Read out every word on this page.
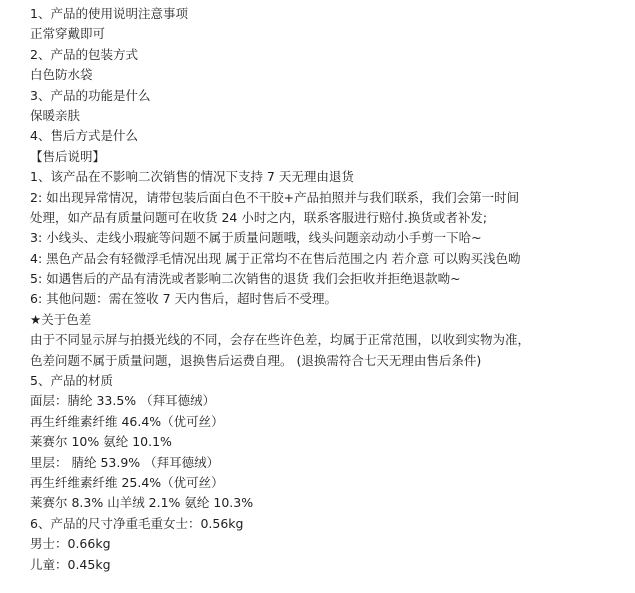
1、产品的使用说明注意事项
正常穿戴即可
2、产品的包装方式
白色防水袋
3、产品的功能是什么
保暖亲肤
4、售后方式是什么
【售后说明】
1、该产品在不影响二次销售的情况下支持 7 天无理由退货
2: 如出现异常情况，请带包装后面白色不干胶+产品拍照并与我们联系，我们会第一时间
处理，如产品有质量问题可在收货 24 小时之内，联系客服进行赔付.换货或者补发;
3: 小线头、走线小瑕疵等问题不属于质量问题哦，线头问题亲动动小手剪一下哈~
4: 黑色产品会有轻微浮毛情况出现 属于正常均不在售后范围之内 若介意 可以购买浅色呦
5: 如遇售后的产品有清洗或者影响二次销售的退货 我们会拒收并拒绝退款呦~
6: 其他问题：需在签收 7 天内售后，超时售后不受理。
★关于色差
由于不同显示屏与拍摄光线的不同，会存在些许色差，均属于正常范围，以收到实物为准，
色差问题不属于质量问题，退换售后运费自理。 (退换需符合七天无理由售后条件)
5、产品的材质
面层：腈纶 33.5% （拜耳德绒）
再生纤维素纤维 46.4%（优可丝）
莱赛尔 10% 氨纶 10.1%
里层： 腈纶 53.9% （拜耳德绒）
再生纤维素纤维 25.4%（优可丝）
莱赛尔 8.3% 山羊绒 2.1% 氨纶 10.3%
6、产品的尺寸净重毛重女士：0.56kg
男士：0.66kg
儿童：0.45kg
